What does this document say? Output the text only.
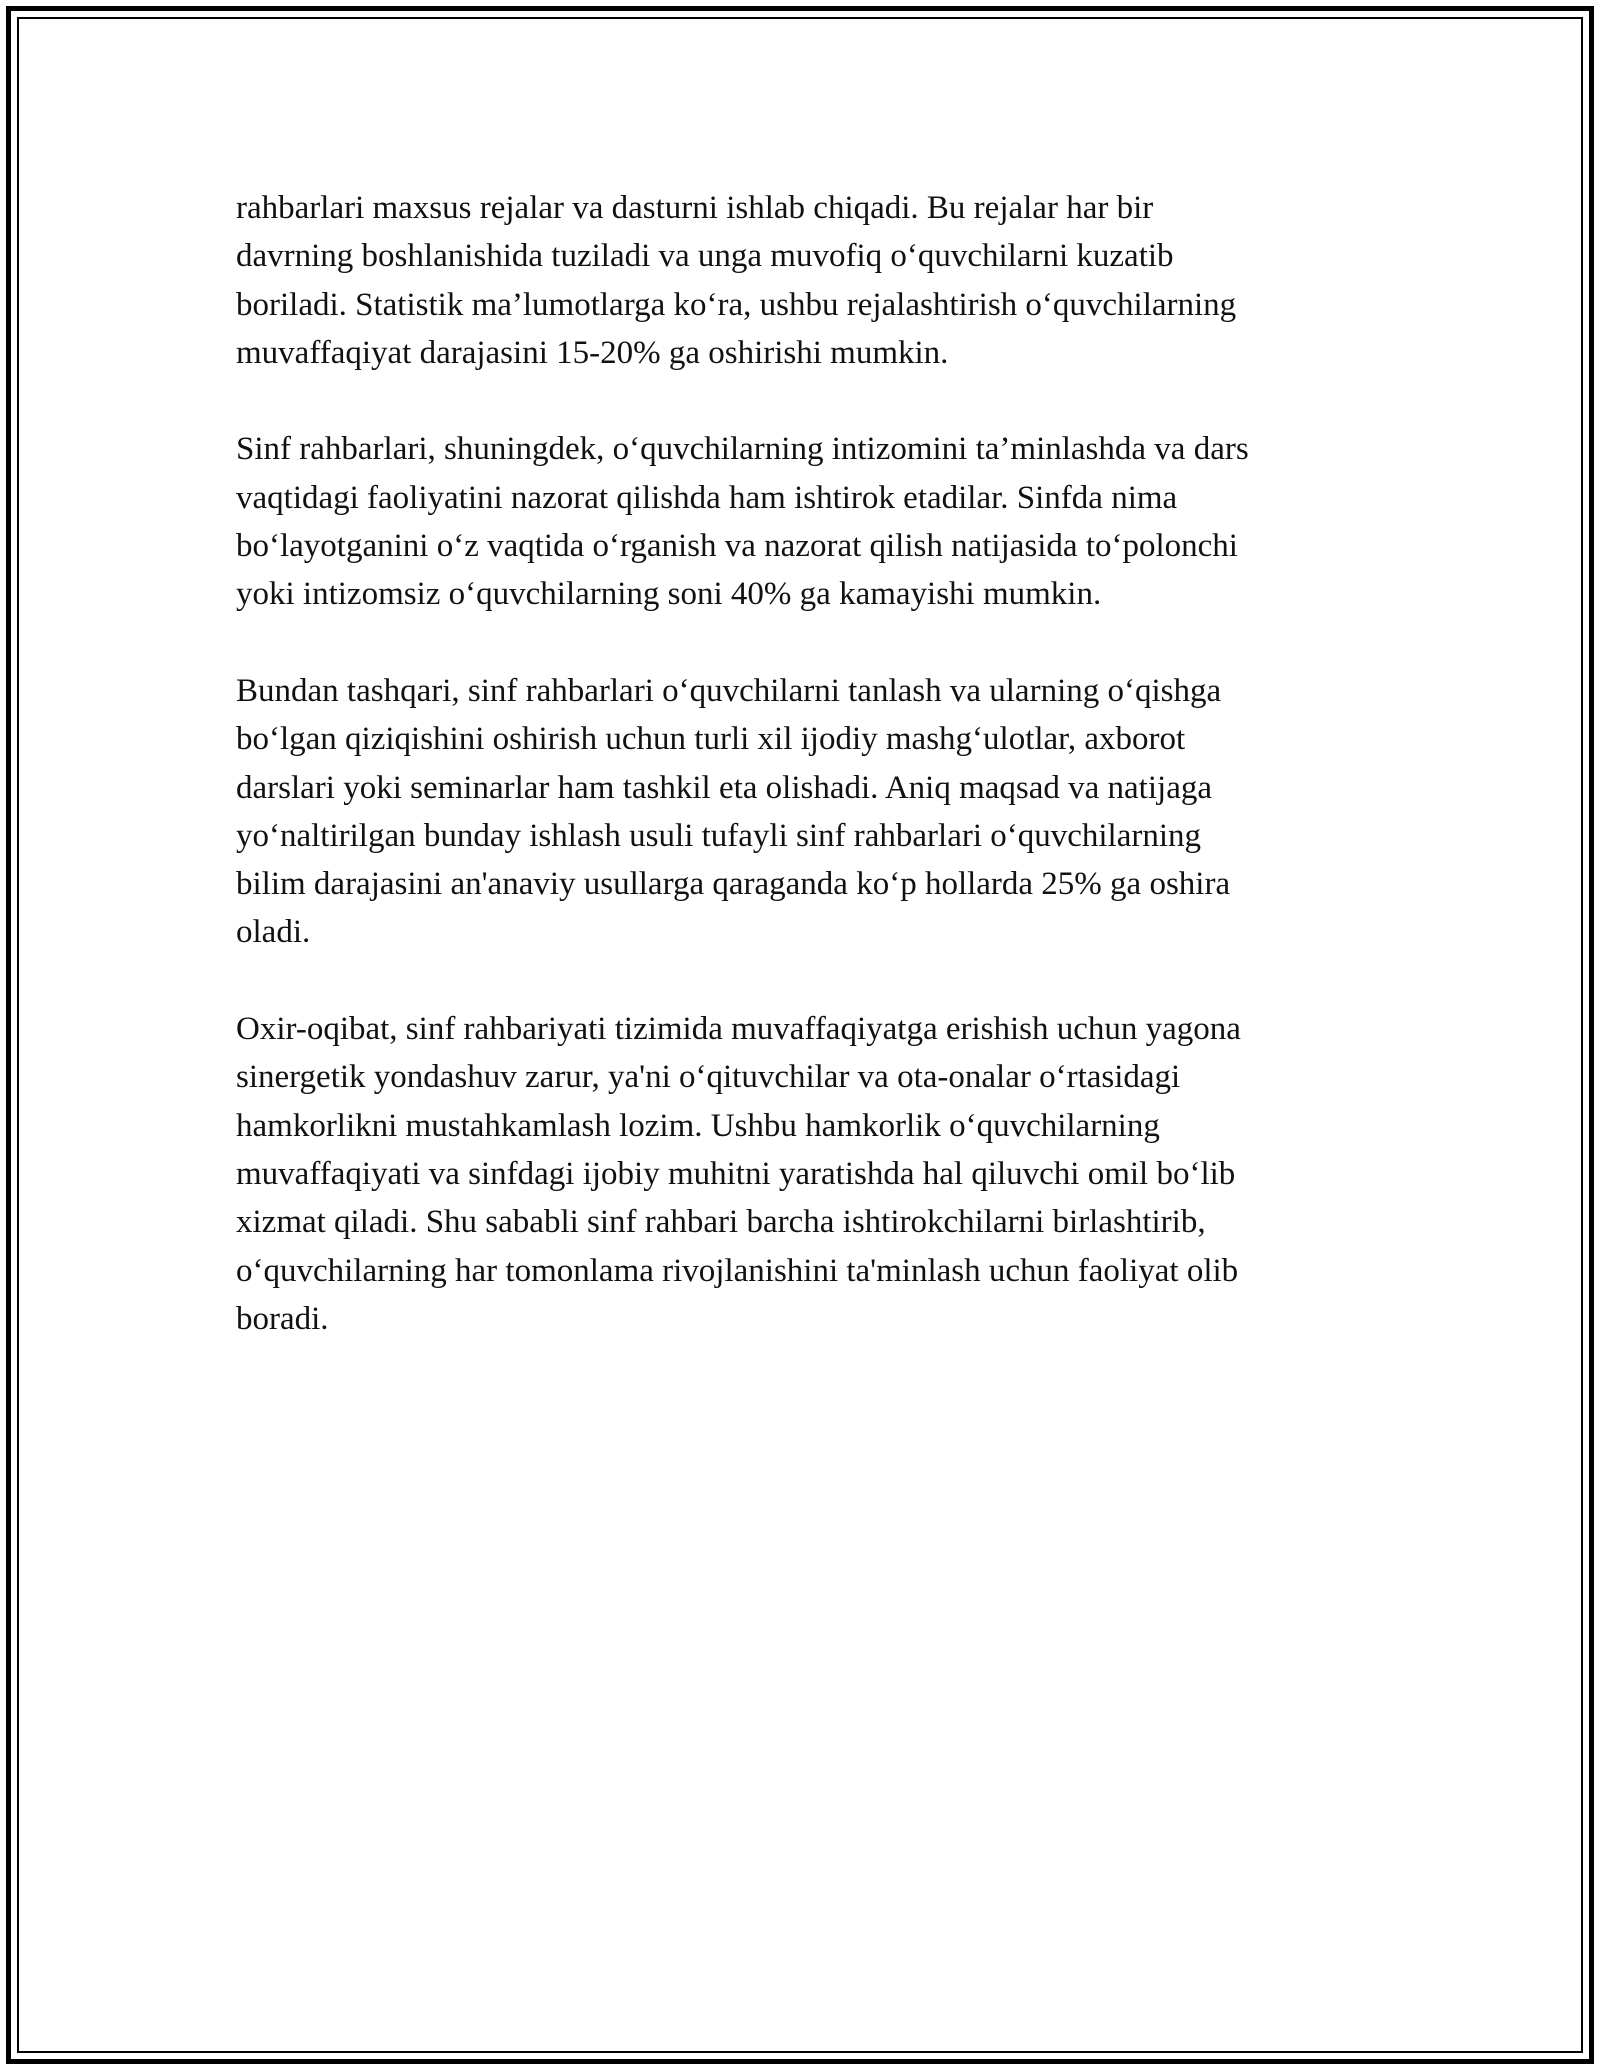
rahbarlari maxsus rejalar va dasturni ishlab chiqadi. Bu rejalar har bir
davrning boshlanishida tuziladi va unga muvofiq o‘quvchilarni kuzatib
boriladi. Statistik ma’lumotlarga ko‘ra, ushbu rejalashtirish o‘quvchilarning
muvaffaqiyat darajasini 15-20% ga oshirishi mumkin.

Sinf rahbarlari, shuningdek, o‘quvchilarning intizomini ta’minlashda va dars
vaqtidagi faoliyatini nazorat qilishda ham ishtirok etadilar. Sinfda nima
bo‘layotganini o‘z vaqtida o‘rganish va nazorat qilish natijasida to‘polonchi
yoki intizomsiz o‘quvchilarning soni 40% ga kamayishi mumkin.

Bundan tashqari, sinf rahbarlari o‘quvchilarni tanlash va ularning o‘qishga
bo‘lgan qiziqishini oshirish uchun turli xil ijodiy mashg‘ulotlar, axborot
darslari yoki seminarlar ham tashkil eta olishadi. Aniq maqsad va natijaga
yo‘naltirilgan bunday ishlash usuli tufayli sinf rahbarlari o‘quvchilarning
bilim darajasini an'anaviy usullarga qaraganda ko‘p hollarda 25% ga oshira
oladi.

Oxir-oqibat, sinf rahbariyati tizimida muvaffaqiyatga erishish uchun yagona
sinergetik yondashuv zarur, ya'ni o‘qituvchilar va ota-onalar o‘rtasidagi
hamkorlikni mustahkamlash lozim. Ushbu hamkorlik o‘quvchilarning
muvaffaqiyati va sinfdagi ijobiy muhitni yaratishda hal qiluvchi omil bo‘lib
xizmat qiladi. Shu sababli sinf rahbari barcha ishtirokchilarni birlashtirib,
o‘quvchilarning har tomonlama rivojlanishini ta'minlash uchun faoliyat olib
boradi.
